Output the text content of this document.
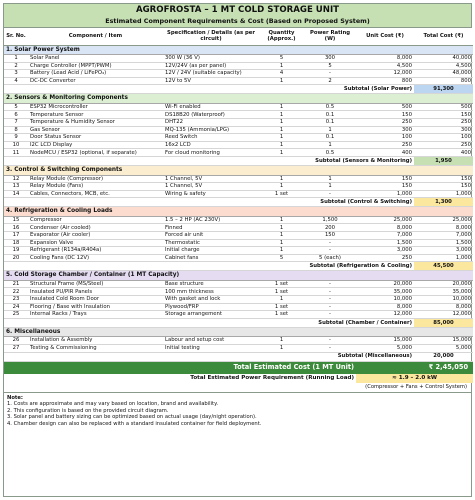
AGROFROSTA – 1 MT COLD STORAGE UNIT
Estimated Component Requirements & Cost (Based on Proposed System)
Sr. No.	Component / Item	Specification / Details (as per circuit)	Quantity (Approx.)	Power Rating (W)	Unit Cost (₹)	Total Cost (₹)
1. Solar Power System						
1	Solar Panel	300 W (36 V)	5	300	8,000	40,000
2	Charge Controller (MPPT/PWM)	12V/24V (as per panel)	1	5	4,500	4,500
3	Battery (Lead Acid / LiFePO₄)	12V / 24V (suitable capacity)	4	-	12,000	48,000
4	DC-DC Converter	12V to 5V	1	2	800	800
Subtotal (Solar Power)						91,300
2. Sensors & Monitoring Components						
5	ESP32 Microcontroller	Wi-Fi enabled	1	0.5	500	500
6	Temperature Sensor	DS18B20 (Waterproof)	1	0.1	150	150
7	Temperature & Humidity Sensor	DHT22	1	0.1	250	250
8	Gas Sensor	MQ-135 (Ammonia/LPG)	1	1	300	300
9	Door Status Sensor	Reed Switch	1	0.1	100	100
10	I2C LCD Display	16x2 LCD	1	1	250	250
11	NodeMCU / ESP32 (optional, if separate)	For cloud monitoring	1	0.5	400	400
Subtotal (Sensors & Monitoring)						1,950
3. Control & Switching Components						
12	Relay Module (Compressor)	1 Channel, 5V	1	1	150	150
13	Relay Module (Fans)	1 Channel, 5V	1	1	150	150
14	Cables, Connectors, MCB, etc.	Wiring & safety	1 set	-	1,000	1,000
Subtotal (Control & Switching)						1,300
4. Refrigeration & Cooling Loads						
15	Compressor	1.5 – 2 HP (AC 230V)	1	1,500	25,000	25,000
16	Condenser (Air cooled)	Finned	1	200	8,000	8,000
17	Evaporator (Air cooler)	Forced air unit	1	150	7,000	7,000
18	Expansion Valve	Thermostatic	1	-	1,500	1,500
19	Refrigerant (R134a/R404a)	Initial charge	1	-	3,000	3,000
20	Cooling Fans (DC 12V)	Cabinet fans	5	5 (each)	250	1,000
Subtotal (Refrigeration & Cooling)						45,500
5. Cold Storage Chamber / Container (1 MT Capacity)						
21	Structural Frame (MS/Steel)	Base structure	1 set	-	20,000	20,000
22	Insulated PU/PIR Panels	100 mm thickness	1 set	-	35,000	35,000
23	Insulated Cold Room Door	With gasket and lock	1	-	10,000	10,000
24	Flooring / Base with Insulation	Plywood/FRP	1 set	-	8,000	8,000
25	Internal Racks / Trays	Storage arrangement	1 set	-	12,000	12,000
Subtotal (Chamber / Container)						85,000
6. Miscellaneous						
26	Installation & Assembly	Labour and setup cost	1	-	15,000	15,000
27	Testing & Commissioning	Initial testing	1	-	5,000	5,000
Subtotal (Miscellaneous)						20,000
Total Estimated Cost (1 MT Unit)	₹ 2,45,050
Total Estimated Power Requirement (Running Load)	≈ 1.9 – 2.0 kW
(Compressor + Fans + Control System)
Note:
1. Costs are approximate and may vary based on location, brand and availability.
2. This configuration is based on the provided circuit diagram.
3. Solar panel and battery sizing can be optimized based on actual usage (day/night operation).
4. Chamber design can also be replaced with a standard insulated container for field deployment.
